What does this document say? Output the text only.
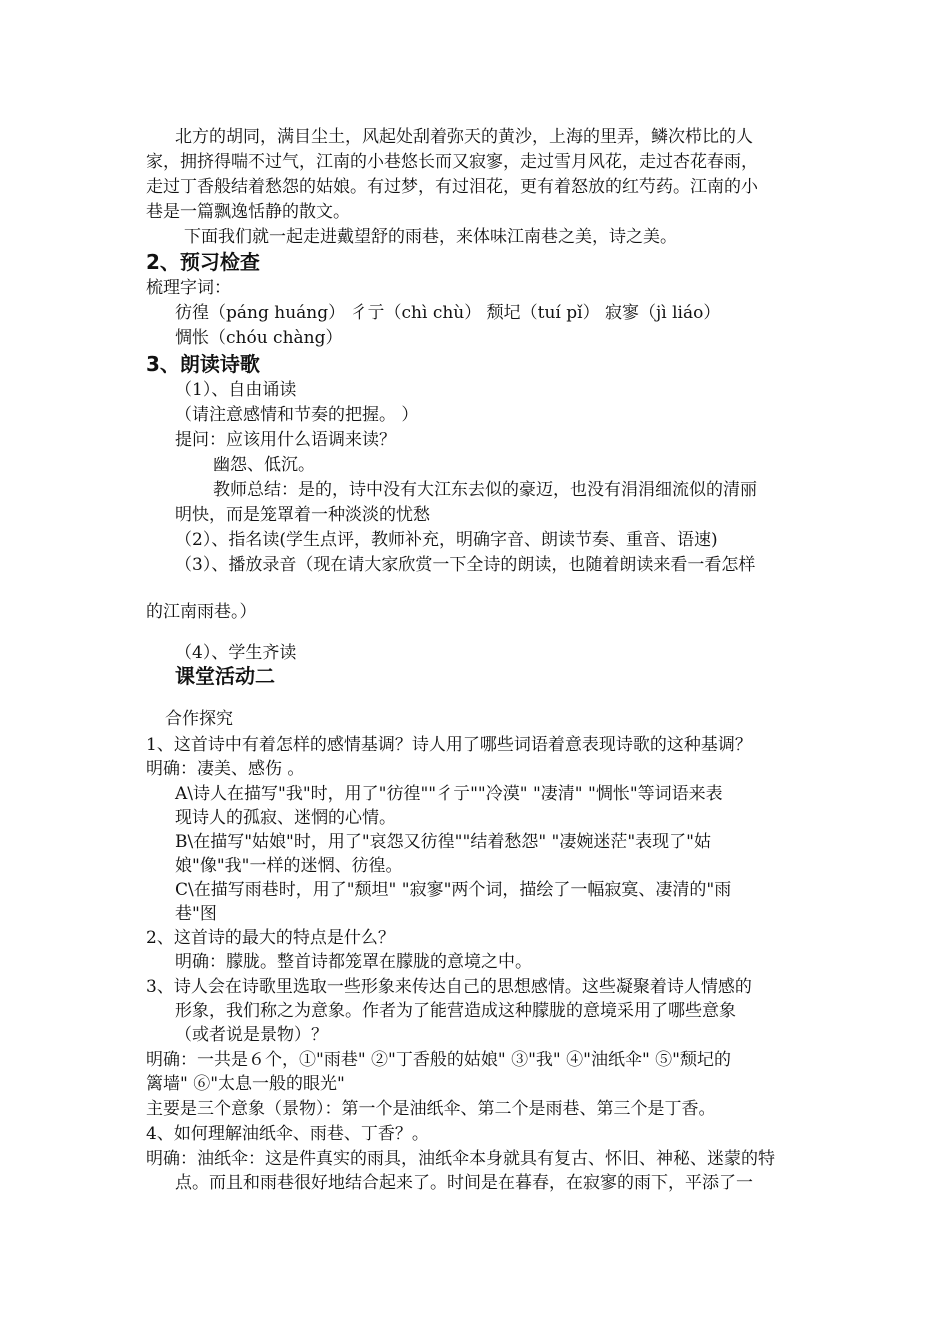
北方的胡同，满目尘土，风起处刮着弥天的黄沙，上海的里弄，鳞次栉比的人
家，拥挤得喘不过气，江南的小巷悠长而又寂寥，走过雪月风花，走过杏花春雨，
走过丁香般结着愁怨的姑娘。有过梦，有过泪花，更有着怒放的红芍药。江南的小
巷是一篇飘逸恬静的散文。
下面我们就一起走进戴望舒的雨巷，来体味江南巷之美，诗之美。
2、预习检查
梳理字词：
彷徨（páng huáng） 彳亍（chì chù） 颓圮（tuí pǐ） 寂寥（jì liáo）
惆怅（chóu chàng）
3、朗读诗歌
（1）、自由诵读
（请注意感情和节奏的把握。 ）
提问：应该用什么语调来读？
幽怨、低沉。
教师总结：是的，诗中没有大江东去似的豪迈，也没有涓涓细流似的清丽
明快，而是笼罩着一种淡淡的忧愁
（2）、指名读(学生点评，教师补充，明确字音、朗读节奏、重音、语速)
（3）、播放录音（现在请大家欣赏一下全诗的朗读，也随着朗读来看一看怎样
的江南雨巷。）
（4）、学生齐读
课堂活动二
合作探究
1、这首诗中有着怎样的感情基调？诗人用了哪些词语着意表现诗歌的这种基调？
明确：凄美、感伤 。
A\诗人在描写"我"时，用了"彷徨""彳亍""冷漠" "凄清" "惆怅"等词语来表
现诗人的孤寂、迷惘的心情。
B\在描写"姑娘"时，用了"哀怨又彷徨""结着愁怨" "凄婉迷茫"表现了"姑
娘"像"我"一样的迷惘、彷徨。
C\在描写雨巷时，用了"颓坦" "寂寥"两个词，描绘了一幅寂寞、凄清的"雨
巷"图
2、这首诗的最大的特点是什么？
明确：朦胧。整首诗都笼罩在朦胧的意境之中。
3、诗人会在诗歌里选取一些形象来传达自己的思想感情。这些凝聚着诗人情感的
形象，我们称之为意象。作者为了能营造成这种朦胧的意境采用了哪些意象
（或者说是景物）？
明确：一共是６个，①"雨巷" ②"丁香般的姑娘" ③"我" ④"油纸伞" ⑤"颓圮的
篱墙" ⑥"太息一般的眼光"
主要是三个意象（景物）：第一个是油纸伞、第二个是雨巷、第三个是丁香。
4、如何理解油纸伞、雨巷、丁香？。
明确：油纸伞：这是件真实的雨具，油纸伞本身就具有复古、怀旧、神秘、迷蒙的特
点。而且和雨巷很好地结合起来了。时间是在暮春，在寂寥的雨下，平添了一
